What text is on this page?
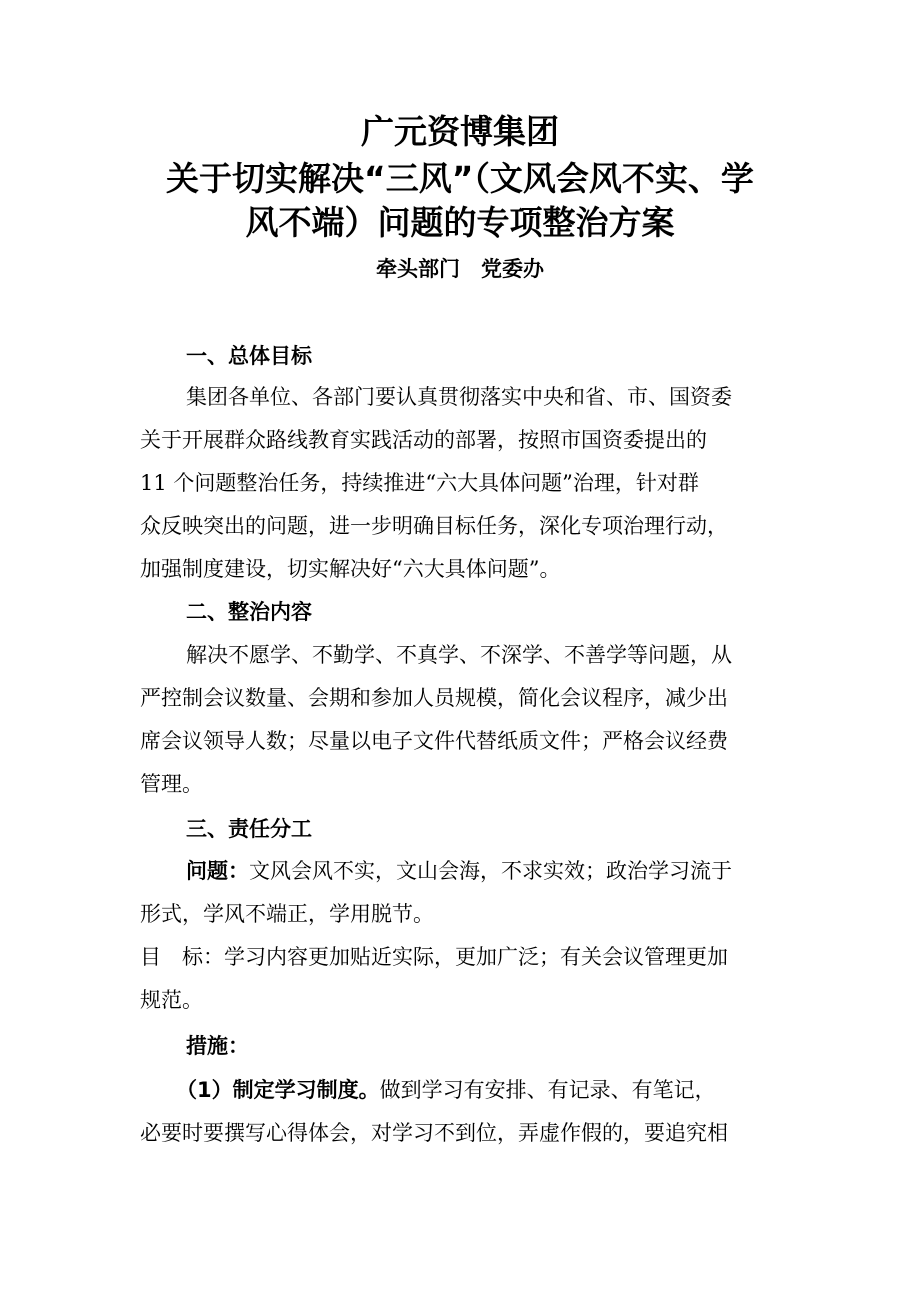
广元资博集团
关于切实解决“三风”（文风会风不实、学
风不端）问题的专项整治方案
牵头部门　党委办
一、总体目标
集团各单位、各部门要认真贯彻落实中央和省、市、国资委
关于开展群众路线教育实践活动的部署，按照市国资委提出的
11 个问题整治任务，持续推进“六大具体问题”治理，针对群
众反映突出的问题，进一步明确目标任务，深化专项治理行动，
加强制度建设，切实解决好“六大具体问题”。
二、整治内容
解决不愿学、不勤学、不真学、不深学、不善学等问题，从
严控制会议数量、会期和参加人员规模，简化会议程序，减少出
席会议领导人数；尽量以电子文件代替纸质文件；严格会议经费
管理。
三、责任分工
问题：文风会风不实，文山会海，不求实效；政治学习流于
形式，学风不端正，学用脱节。
目　标：学习内容更加贴近实际，更加广泛；有关会议管理更加
规范。
措施：
（1）制定学习制度。做到学习有安排、有记录、有笔记，
必要时要撰写心得体会，对学习不到位，弄虚作假的，要追究相
